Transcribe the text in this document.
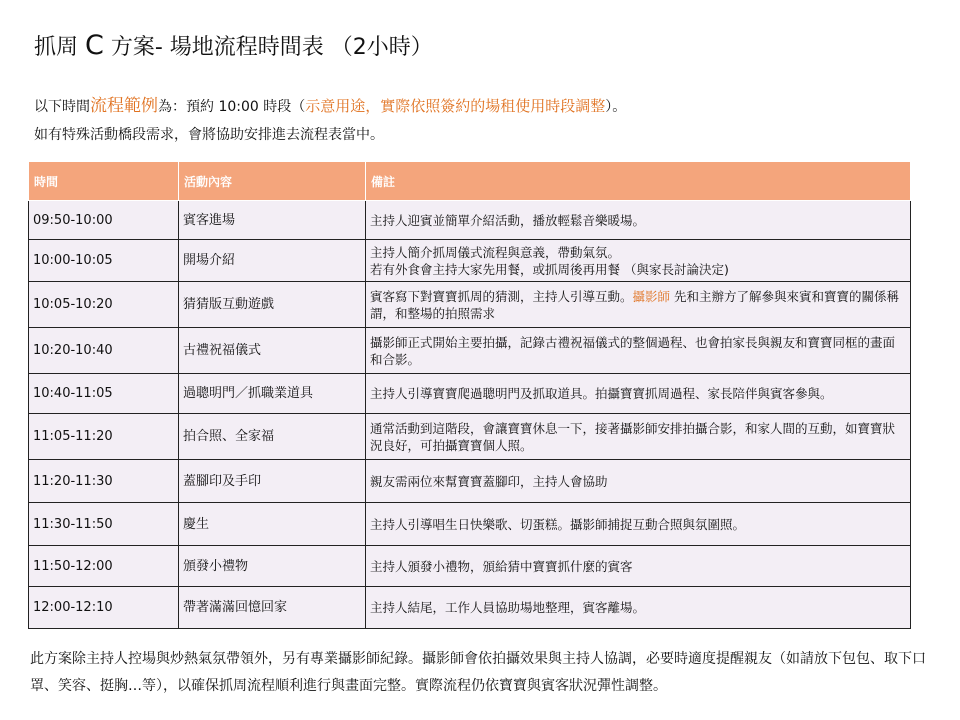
抓周 C 方案- 場地流程時間表 （2小時）
以下時間流程範例為：預約 10:00 時段（示意用途，實際依照簽約的場租使用時段調整）。
如有特殊活動橋段需求，會將協助安排進去流程表當中。
時間	活動內容	備註
09:50-10:00	賓客進場	主持人迎賓並簡單介紹活動，播放輕鬆音樂暖場。
10:00-10:05	開場介紹	主持人簡介抓周儀式流程與意義，帶動氣氛。
若有外食會主持大家先用餐，或抓周後再用餐 （與家長討論決定)
10:05-10:20	猜猜版互動遊戲	賓客寫下對寶寶抓周的猜測，主持人引導互動。攝影師 先和主辦方了解參與來賓和寶寶的關係稱謂，和整場的拍照需求
10:20-10:40	古禮祝福儀式	攝影師正式開始主要拍攝，記錄古禮祝福儀式的整個過程、也會拍家長與親友和寶寶同框的畫面和合影。
10:40-11:05	過聰明門／抓職業道具	主持人引導寶寶爬過聰明門及抓取道具。拍攝寶寶抓周過程、家長陪伴與賓客參與。
11:05-11:20	拍合照、全家福	通常活動到這階段，會讓寶寶休息一下，接著攝影師安排拍攝合影，和家人間的互動，如寶寶狀況良好，可拍攝寶寶個人照。
11:20-11:30	蓋腳印及手印	親友需兩位來幫寶寶蓋腳印，主持人會協助
11:30-11:50	慶生	主持人引導唱生日快樂歌、切蛋糕。攝影師捕捉互動合照與氛圍照。
11:50-12:00	頒發小禮物	主持人頒發小禮物，頒給猜中寶寶抓什麼的賓客
12:00-12:10	帶著滿滿回憶回家	主持人結尾，工作人員協助場地整理，賓客離場。
此方案除主持人控場與炒熱氣氛帶領外，另有專業攝影師紀錄。攝影師會依拍攝效果與主持人協調，必要時適度提醒親友（如請放下包包、取下口罩、笑容、挺胸…等），以確保抓周流程順利進行與畫面完整。實際流程仍依寶寶與賓客狀況彈性調整。
